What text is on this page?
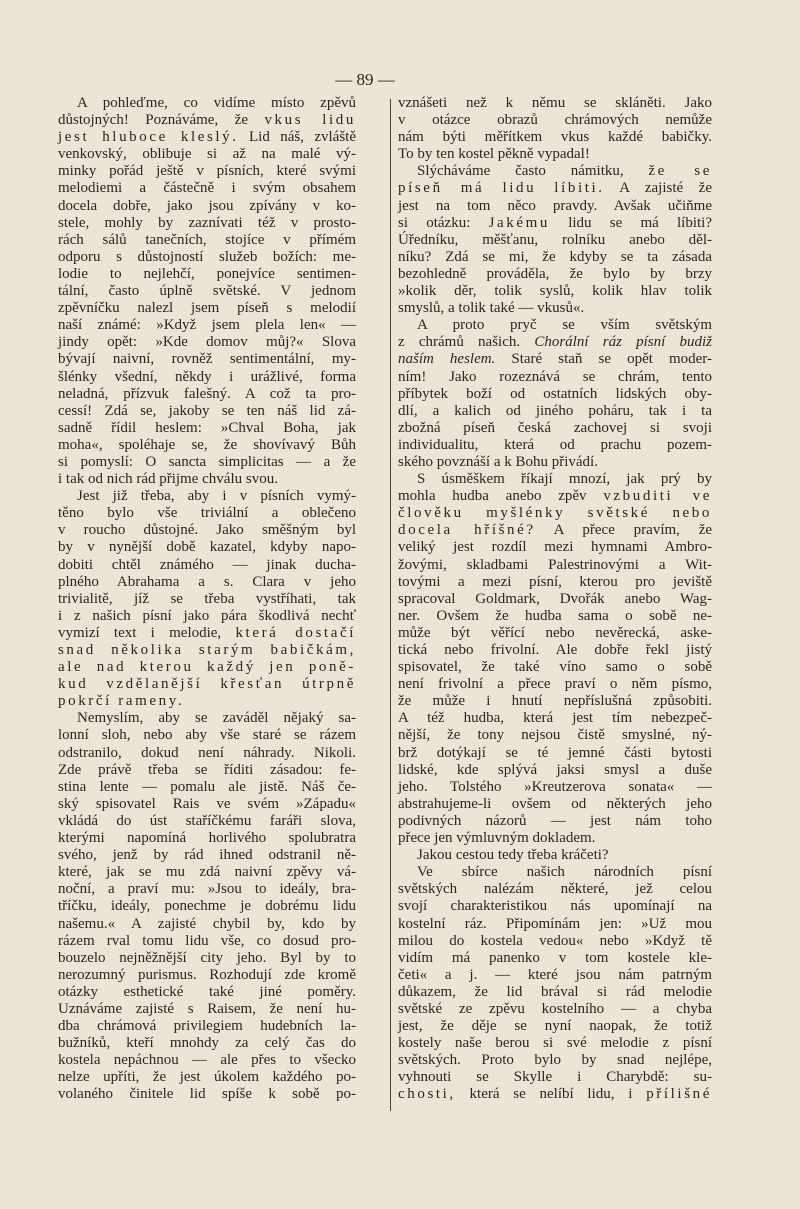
— 89 —
A pohleďme, co vidíme místo zpěvů
důstojných! Poznáváme, že vkus lidu
jest hluboce kleslý. Lid náš, zvláště
venkovský, oblibuje si až na malé vý-
minky pořád ještě v písních, které svými
melodiemi a částečně i svým obsahem
docela dobře, jako jsou zpívány v ko-
stele, mohly by zaznívati též v prosto-
rách sálů tanečních, stojíce v přímém
odporu s důstojností služeb božích: me-
lodie to nejlehčí, ponejvíce sentimen-
tální, často úplně světské. V jednom
zpěvníčku nalezl jsem píseň s melodií
naší známé: »Když jsem plela len« —
jindy opět: »Kde domov můj?« Slova
bývají naivní, rovněž sentimentální, my-
šlénky všední, někdy i urážlivé, forma
neladná, přízvuk falešný. A což ta pro-
cessí! Zdá se, jakoby se ten náš lid zá-
sadně řídil heslem: »Chval Boha, jak
moha«, spoléhaje se, že shovívavý Bůh
si pomyslí: O sancta simplicitas — a že
i tak od nich rád přijme chválu svou.
Jest již třeba, aby i v písních vymý-
těno bylo vše triviální a oblečeno
v roucho důstojné. Jako směšným byl
by v nynější době kazatel, kdyby napo-
dobiti chtěl známého — jinak ducha-
plného Abrahama a s. Clara v jeho
trivialitě, jíž se třeba vystříhati, tak
i z našich písní jako pára škodlivá nechť
vymizí text i melodie, která dostačí
snad několika starým babičkám,
ale nad kterou každý jen poně-
kud vzdělanější křesťan útrpně
pokrčí rameny.
Nemyslím, aby se zaváděl nějaký sa-
lonní sloh, nebo aby vše staré se rázem
odstranilo, dokud není náhrady. Nikoli.
Zde právě třeba se říditi zásadou: fe-
stina lente — pomalu ale jistě. Náš če-
ský spisovatel Rais ve svém »Západu«
vkládá do úst staříčkému faráři slova,
kterými napomíná horlivého spolubratra
svého, jenž by rád ihned odstranil ně-
které, jak se mu zdá naivní zpěvy vá-
noční, a praví mu: »Jsou to ideály, bra-
tříčku, ideály, ponechme je dobrému lidu
našemu.« A zajisté chybil by, kdo by
rázem rval tomu lidu vše, co dosud pro-
bouzelo nejněžnější city jeho. Byl by to
nerozumný purismus. Rozhodují zde kromě
otázky esthetické také jiné poměry.
Uznáváme zajisté s Raisem, že není hu-
dba chrámová privilegiem hudebních la-
bužníků, kteří mnohdy za celý čas do
kostela nepáchnou — ale přes to všecko
nelze upříti, že jest úkolem každého po-
volaného činitele lid spíše k sobě po-
vznášeti než k němu se skláněti. Jako
v otázce obrazů chrámových nemůže
nám býti měřítkem vkus každé babičky.
To by ten kostel pěkně vypadal!
Slýcháváme často námitku, že se
píseň má lidu líbiti. A zajisté že
jest na tom něco pravdy. Avšak učiňme
si otázku: Jakému lidu se má líbiti?
Úředníku, měšťanu, rolníku anebo děl-
níku? Zdá se mi, že kdyby se ta zásada
bezohledně prováděla, že bylo by brzy
»kolik děr, tolik syslů, kolik hlav tolik
smyslů, a tolik také — vkusů«.
A proto pryč se vším světským
z chrámů našich. Chorální ráz písní budiž
naším heslem. Staré staň se opět moder-
ním! Jako rozeznává se chrám, tento
příbytek boží od ostatních lidských oby-
dlí, a kalich od jiného poháru, tak i ta
zbožná píseň česká zachovej si svoji
individualitu, která od prachu pozem-
ského povznáší a k Bohu přivádí.
S úsměškem říkají mnozí, jak prý by
mohla hudba anebo zpěv vzbuditi ve
člověku myšlénky světské nebo
docela hříšné? A přece pravím, že
veliký jest rozdíl mezi hymnami Ambro-
žovými, skladbami Palestrinovými a Wit-
tovými a mezi písní, kterou pro jeviště
spracoval Goldmark, Dvořák anebo Wag-
ner. Ovšem že hudba sama o sobě ne-
může být věřící nebo nevěrecká, aske-
tická nebo frivolní. Ale dobře řekl jistý
spisovatel, že také víno samo o sobě
není frivolní a přece praví o něm písmo,
že může i hnutí nepříslušná způsobiti.
A též hudba, která jest tím nebezpeč-
nější, že tony nejsou čistě smyslné, ný-
brž dotýkají se té jemné části bytosti
lidské, kde splývá jaksi smysl a duše
jeho. Tolstého »Kreutzerova sonata« —
abstrahujeme-li ovšem od některých jeho
podivných názorů — jest nám toho
přece jen výmluvným dokladem.
Jakou cestou tedy třeba kráčeti?
Ve sbírce našich národních písní
světských nalézám některé, jež celou
svojí charakteristikou nás upomínají na
kostelní ráz. Připomínám jen: »Už mou
milou do kostela vedou« nebo »Když tě
vidím má panenko v tom kostele kle-
četi« a j. — které jsou nám patrným
důkazem, že lid brával si rád melodie
světské ze zpěvu kostelního — a chyba
jest, že děje se nyní naopak, že totiž
kostely naše berou si své melodie z písní
světských. Proto bylo by snad nejlépe,
vyhnouti se Skylle i Charybdě: su-
chosti, která se nelíbí lidu, i přílišné
